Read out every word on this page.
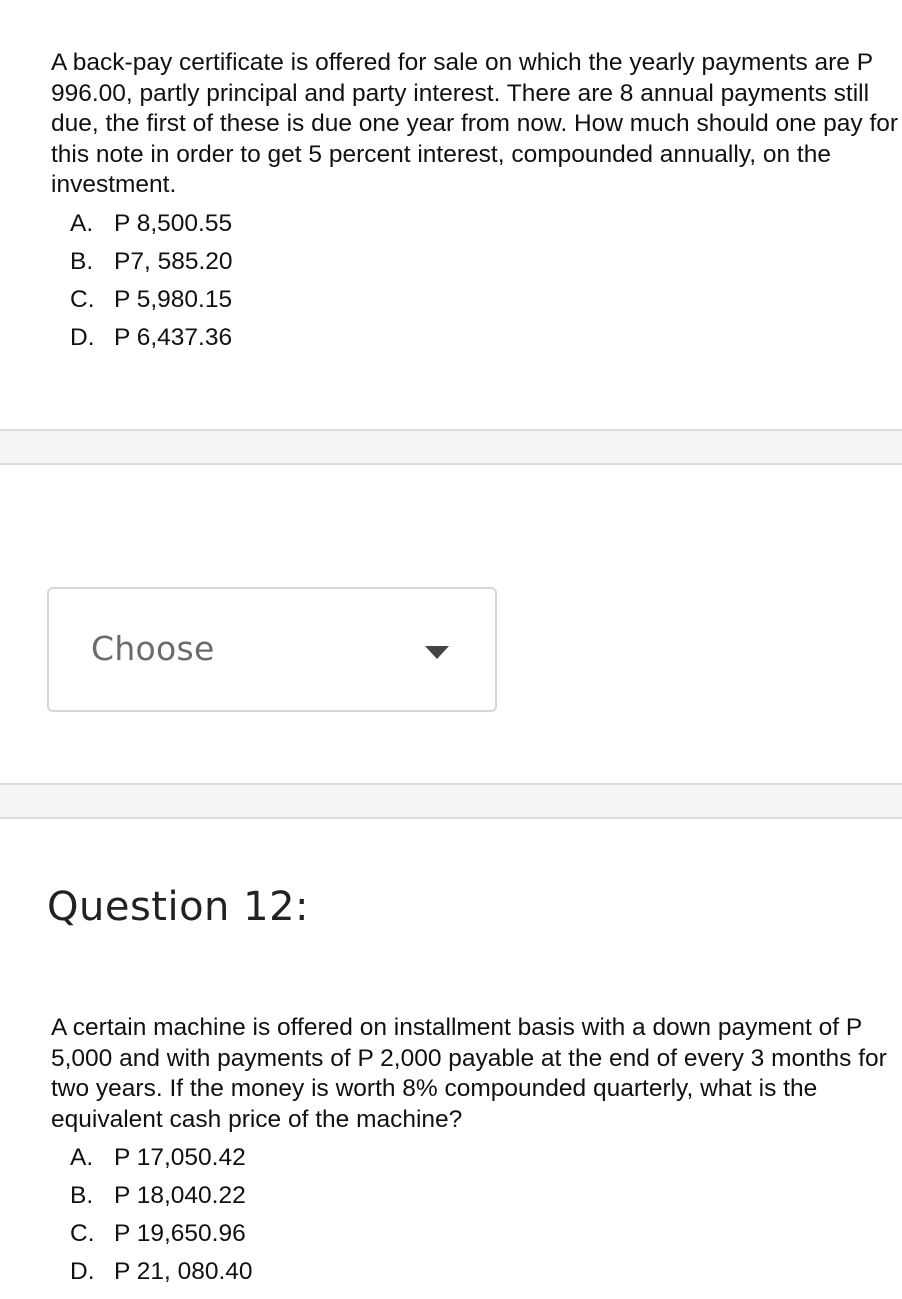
A back-pay certificate is offered for sale on which the yearly payments are P 996.00, partly principal and party interest. There are 8 annual payments still due, the first of these is due one year from now. How much should one pay for this note in order to get 5 percent interest, compounded annually, on the investment.

A. P 8,500.55
B. P7, 585.20
C. P 5,980.15
D. P 6,437.36
Choose
Question 12:

A certain machine is offered on installment basis with a down payment of P 5,000 and with payments of P 2,000 payable at the end of every 3 months for two years. If the money is worth 8% compounded quarterly, what is the equivalent cash price of the machine?

A. P 17,050.42
B. P 18,040.22
C. P 19,650.96
D. P 21, 080.40
